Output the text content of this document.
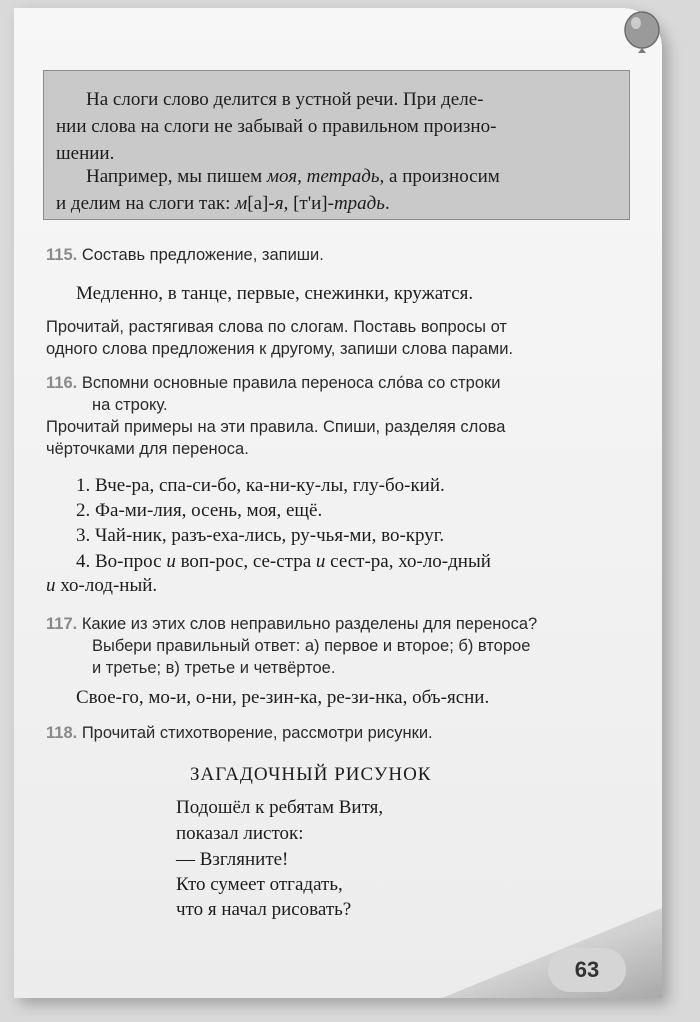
На слоги слово делится в устной речи. При деле-
нии слова на слоги не забывай о правильном произно-
шении.
Например, мы пишем моя, тетрадь, а произносим
и делим на слоги так: м[а]-я, [т'и]-традь.
115. Составь предложение, запиши.
Медленно, в танце, первые, снежинки, кружатся.
Прочитай, растягивая слова по слогам. Поставь вопросы от
одного слова предложения к другому, запиши слова парами.
116. Вспомни основные правила переноса сло́ва со строки
на строку.
Прочитай примеры на эти правила. Спиши, разделяя слова
чёрточками для переноса.
1. Вче-ра, спа-си-бо, ка-ни-ку-лы, глу-бо-кий.
2. Фа-ми-лия, осень, моя, ещё.
3. Чай-ник, разъ-еха-лись, ру-чья-ми, во-круг.
4. Во-прос и воп-рос, се-стра и сест-ра, хо-ло-дный
и хо-лод-ный.
117. Какие из этих слов неправильно разделены для переноса?
Выбери правильный ответ: а) первое и второе; б) второе
и третье; в) третье и четвёртое.
Свое-го, мо-и, о-ни, ре-зин-ка, ре-зи-нка, объ-ясни.
118. Прочитай стихотворение, рассмотри рисунки.
ЗАГАДОЧНЫЙ РИСУНОК
Подошёл к ребятам Витя,
показал листок:
— Взгляните!
Кто сумеет отгадать,
что я начал рисовать?
63
